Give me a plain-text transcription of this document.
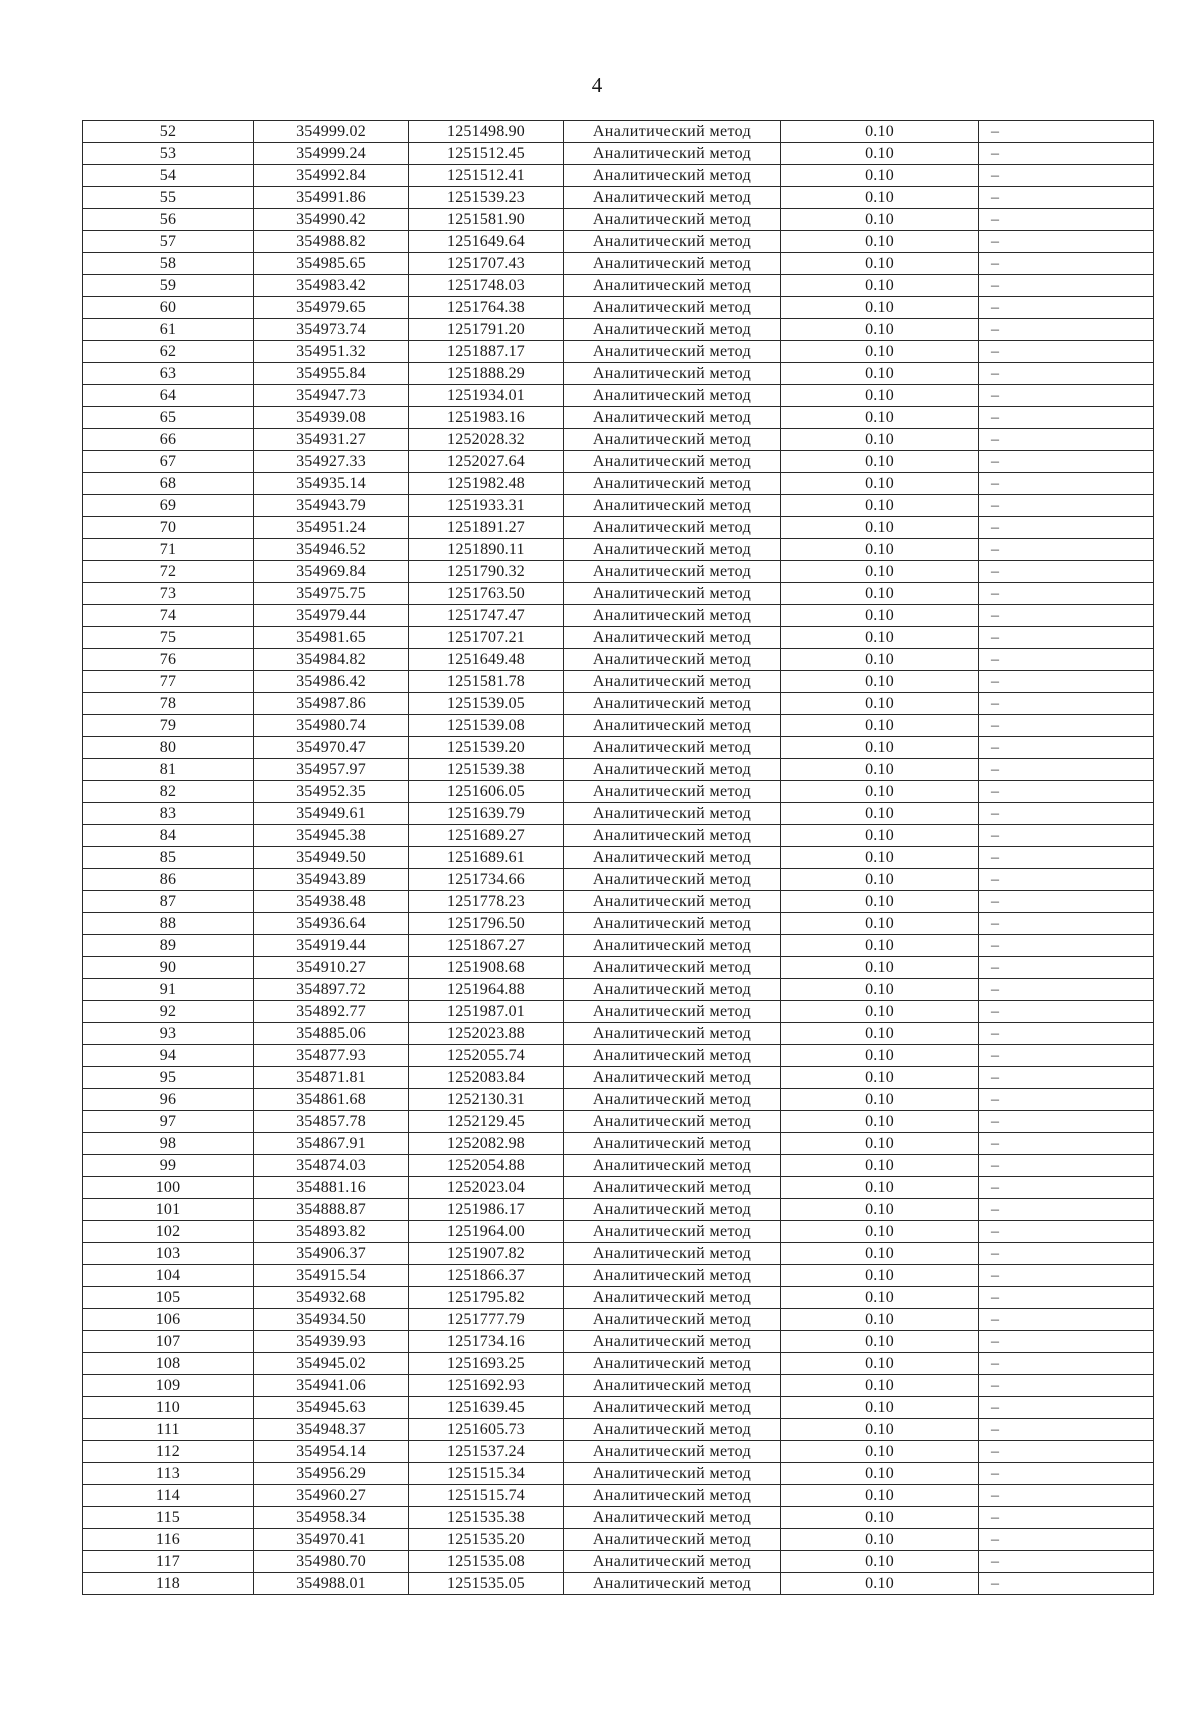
4
52	354999.02	1251498.90	Аналитический метод	0.10	–
53	354999.24	1251512.45	Аналитический метод	0.10	–
54	354992.84	1251512.41	Аналитический метод	0.10	–
55	354991.86	1251539.23	Аналитический метод	0.10	–
56	354990.42	1251581.90	Аналитический метод	0.10	–
57	354988.82	1251649.64	Аналитический метод	0.10	–
58	354985.65	1251707.43	Аналитический метод	0.10	–
59	354983.42	1251748.03	Аналитический метод	0.10	–
60	354979.65	1251764.38	Аналитический метод	0.10	–
61	354973.74	1251791.20	Аналитический метод	0.10	–
62	354951.32	1251887.17	Аналитический метод	0.10	–
63	354955.84	1251888.29	Аналитический метод	0.10	–
64	354947.73	1251934.01	Аналитический метод	0.10	–
65	354939.08	1251983.16	Аналитический метод	0.10	–
66	354931.27	1252028.32	Аналитический метод	0.10	–
67	354927.33	1252027.64	Аналитический метод	0.10	–
68	354935.14	1251982.48	Аналитический метод	0.10	–
69	354943.79	1251933.31	Аналитический метод	0.10	–
70	354951.24	1251891.27	Аналитический метод	0.10	–
71	354946.52	1251890.11	Аналитический метод	0.10	–
72	354969.84	1251790.32	Аналитический метод	0.10	–
73	354975.75	1251763.50	Аналитический метод	0.10	–
74	354979.44	1251747.47	Аналитический метод	0.10	–
75	354981.65	1251707.21	Аналитический метод	0.10	–
76	354984.82	1251649.48	Аналитический метод	0.10	–
77	354986.42	1251581.78	Аналитический метод	0.10	–
78	354987.86	1251539.05	Аналитический метод	0.10	–
79	354980.74	1251539.08	Аналитический метод	0.10	–
80	354970.47	1251539.20	Аналитический метод	0.10	–
81	354957.97	1251539.38	Аналитический метод	0.10	–
82	354952.35	1251606.05	Аналитический метод	0.10	–
83	354949.61	1251639.79	Аналитический метод	0.10	–
84	354945.38	1251689.27	Аналитический метод	0.10	–
85	354949.50	1251689.61	Аналитический метод	0.10	–
86	354943.89	1251734.66	Аналитический метод	0.10	–
87	354938.48	1251778.23	Аналитический метод	0.10	–
88	354936.64	1251796.50	Аналитический метод	0.10	–
89	354919.44	1251867.27	Аналитический метод	0.10	–
90	354910.27	1251908.68	Аналитический метод	0.10	–
91	354897.72	1251964.88	Аналитический метод	0.10	–
92	354892.77	1251987.01	Аналитический метод	0.10	–
93	354885.06	1252023.88	Аналитический метод	0.10	–
94	354877.93	1252055.74	Аналитический метод	0.10	–
95	354871.81	1252083.84	Аналитический метод	0.10	–
96	354861.68	1252130.31	Аналитический метод	0.10	–
97	354857.78	1252129.45	Аналитический метод	0.10	–
98	354867.91	1252082.98	Аналитический метод	0.10	–
99	354874.03	1252054.88	Аналитический метод	0.10	–
100	354881.16	1252023.04	Аналитический метод	0.10	–
101	354888.87	1251986.17	Аналитический метод	0.10	–
102	354893.82	1251964.00	Аналитический метод	0.10	–
103	354906.37	1251907.82	Аналитический метод	0.10	–
104	354915.54	1251866.37	Аналитический метод	0.10	–
105	354932.68	1251795.82	Аналитический метод	0.10	–
106	354934.50	1251777.79	Аналитический метод	0.10	–
107	354939.93	1251734.16	Аналитический метод	0.10	–
108	354945.02	1251693.25	Аналитический метод	0.10	–
109	354941.06	1251692.93	Аналитический метод	0.10	–
110	354945.63	1251639.45	Аналитический метод	0.10	–
111	354948.37	1251605.73	Аналитический метод	0.10	–
112	354954.14	1251537.24	Аналитический метод	0.10	–
113	354956.29	1251515.34	Аналитический метод	0.10	–
114	354960.27	1251515.74	Аналитический метод	0.10	–
115	354958.34	1251535.38	Аналитический метод	0.10	–
116	354970.41	1251535.20	Аналитический метод	0.10	–
117	354980.70	1251535.08	Аналитический метод	0.10	–
118	354988.01	1251535.05	Аналитический метод	0.10	–
